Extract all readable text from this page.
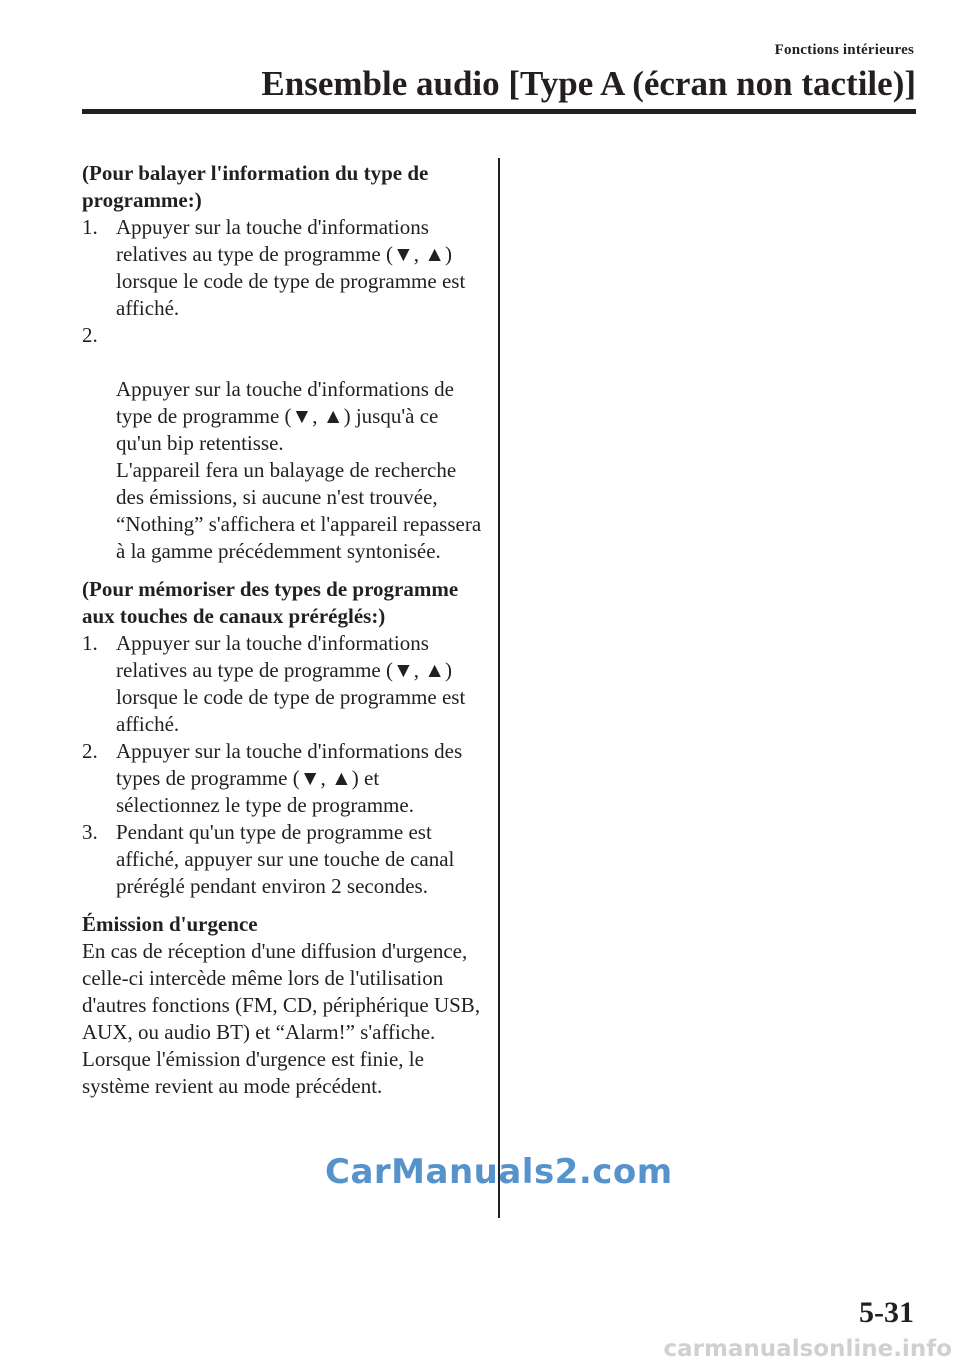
Fonctions intérieures
Ensemble audio [Type A (écran non tactile)]

(Pour balayer l'information du type de programme:)

1. Appuyer sur la touche d'informations relatives au type de programme (▼, ▲) lorsque le code de type de programme est affiché.

2.

Appuyer sur la touche d'informations de type de programme (▼, ▲) jusqu'à ce qu'un bip retentisse.
L'appareil fera un balayage de recherche des émissions, si aucune n'est trouvée, “Nothing” s'affichera et l'appareil repassera à la gamme précédemment syntonisée.

(Pour mémoriser des types de programme aux touches de canaux préréglés:)

1. Appuyer sur la touche d'informations relatives au type de programme (▼, ▲) lorsque le code de type de programme est affiché.
2. Appuyer sur la touche d'informations des types de programme (▼, ▲) et sélectionnez le type de programme.
3. Pendant qu'un type de programme est affiché, appuyer sur une touche de canal préréglé pendant environ 2 secondes.

Émission d'urgence

En cas de réception d'une diffusion d'urgence, celle-ci intercède même lors de l'utilisation d'autres fonctions (FM, CD, périphérique USB, AUX, ou audio BT) et “Alarm!” s'affiche.

Lorsque l'émission d'urgence est finie, le système revient au mode précédent.

CarManuals2.com
5-31
carmanualsonline.info
